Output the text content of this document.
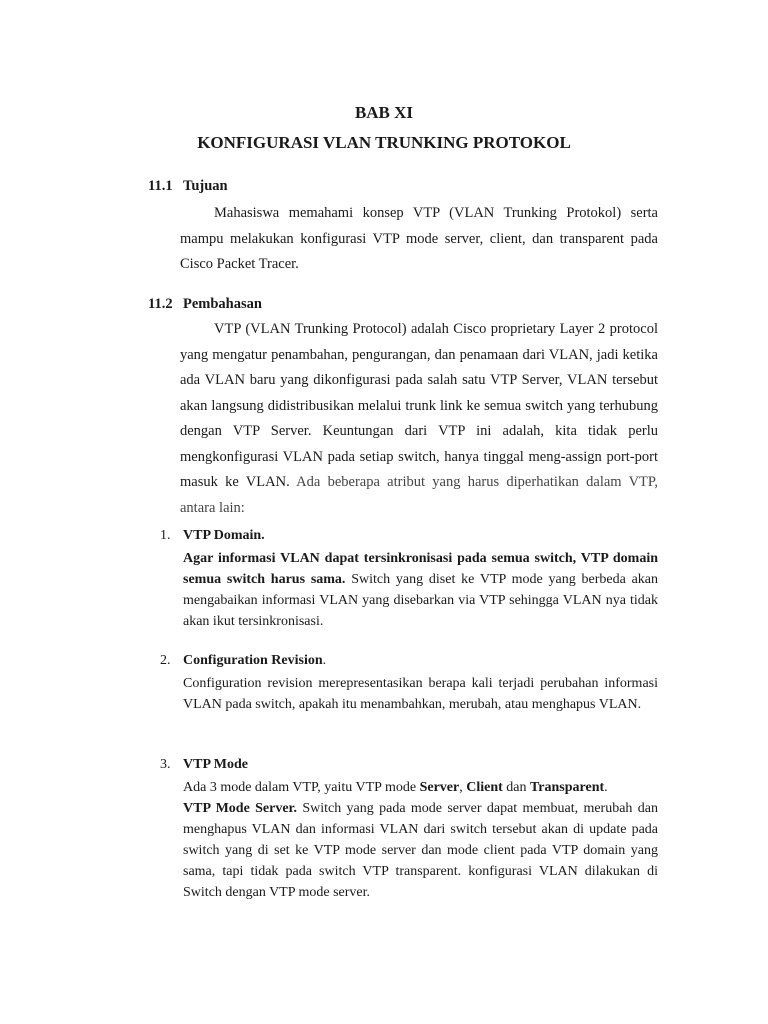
BAB XI
KONFIGURASI VLAN TRUNKING PROTOKOL
11.1 Tujuan

Mahasiswa memahami konsep VTP (VLAN Trunking Protokol) serta mampu melakukan konfigurasi VTP mode server, client, dan transparent pada Cisco Packet Tracer.

11.2 Pembahasan

VTP (VLAN Trunking Protocol) adalah Cisco proprietary Layer 2 protocol yang mengatur penambahan, pengurangan, dan penamaan dari VLAN, jadi ketika ada VLAN baru yang dikonfigurasi pada salah satu VTP Server, VLAN tersebut akan langsung didistribusikan melalui trunk link ke semua switch yang terhubung dengan VTP Server. Keuntungan dari VTP ini adalah, kita tidak perlu mengkonfigurasi VLAN pada setiap switch, hanya tinggal meng-assign port-port masuk ke VLAN. Ada beberapa atribut yang harus diperhatikan dalam VTP, antara lain:

1. VTP Domain.

Agar informasi VLAN dapat tersinkronisasi pada semua switch, VTP domain semua switch harus sama. Switch yang diset ke VTP mode yang berbeda akan mengabaikan informasi VLAN yang disebarkan via VTP sehingga VLAN nya tidak akan ikut tersinkronisasi.

2. Configuration Revision.

Configuration revision merepresentasikan berapa kali terjadi perubahan informasi VLAN pada switch, apakah itu menambahkan, merubah, atau menghapus VLAN.

3. VTP Mode

Ada 3 mode dalam VTP, yaitu VTP mode Server, Client dan Transparent.
VTP Mode Server. Switch yang pada mode server dapat membuat, merubah dan menghapus VLAN dan informasi VLAN dari switch tersebut akan di update pada switch yang di set ke VTP mode server dan mode client pada VTP domain yang sama, tapi tidak pada switch VTP transparent. konfigurasi VLAN dilakukan di Switch dengan VTP mode server.
